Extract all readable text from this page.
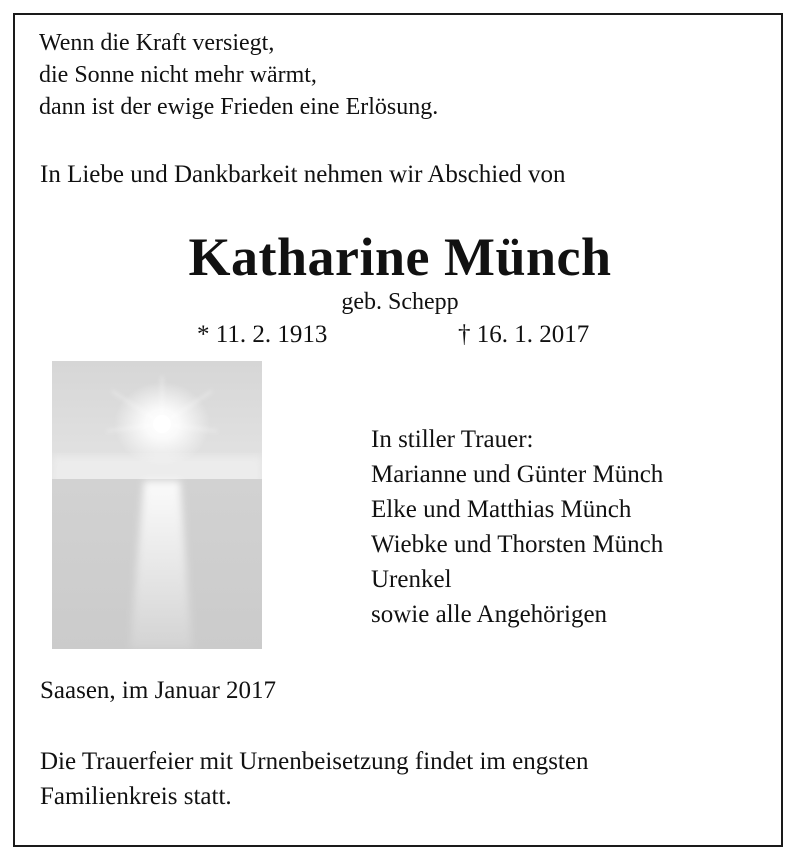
Wenn die Kraft versiegt,
die Sonne nicht mehr wärmt,
dann ist der ewige Frieden eine Erlösung.
In Liebe und Dankbarkeit nehmen wir Abschied von
Katharine Münch
geb. Schepp
* 11. 2. 1913	† 16. 1. 2017
In stiller Trauer:
Marianne und Günter Münch
Elke und Matthias Münch
Wiebke und Thorsten Münch
Urenkel
sowie alle Angehörigen
Saasen, im Januar 2017
Die Trauerfeier mit Urnenbeisetzung findet im engsten
Familienkreis statt.
